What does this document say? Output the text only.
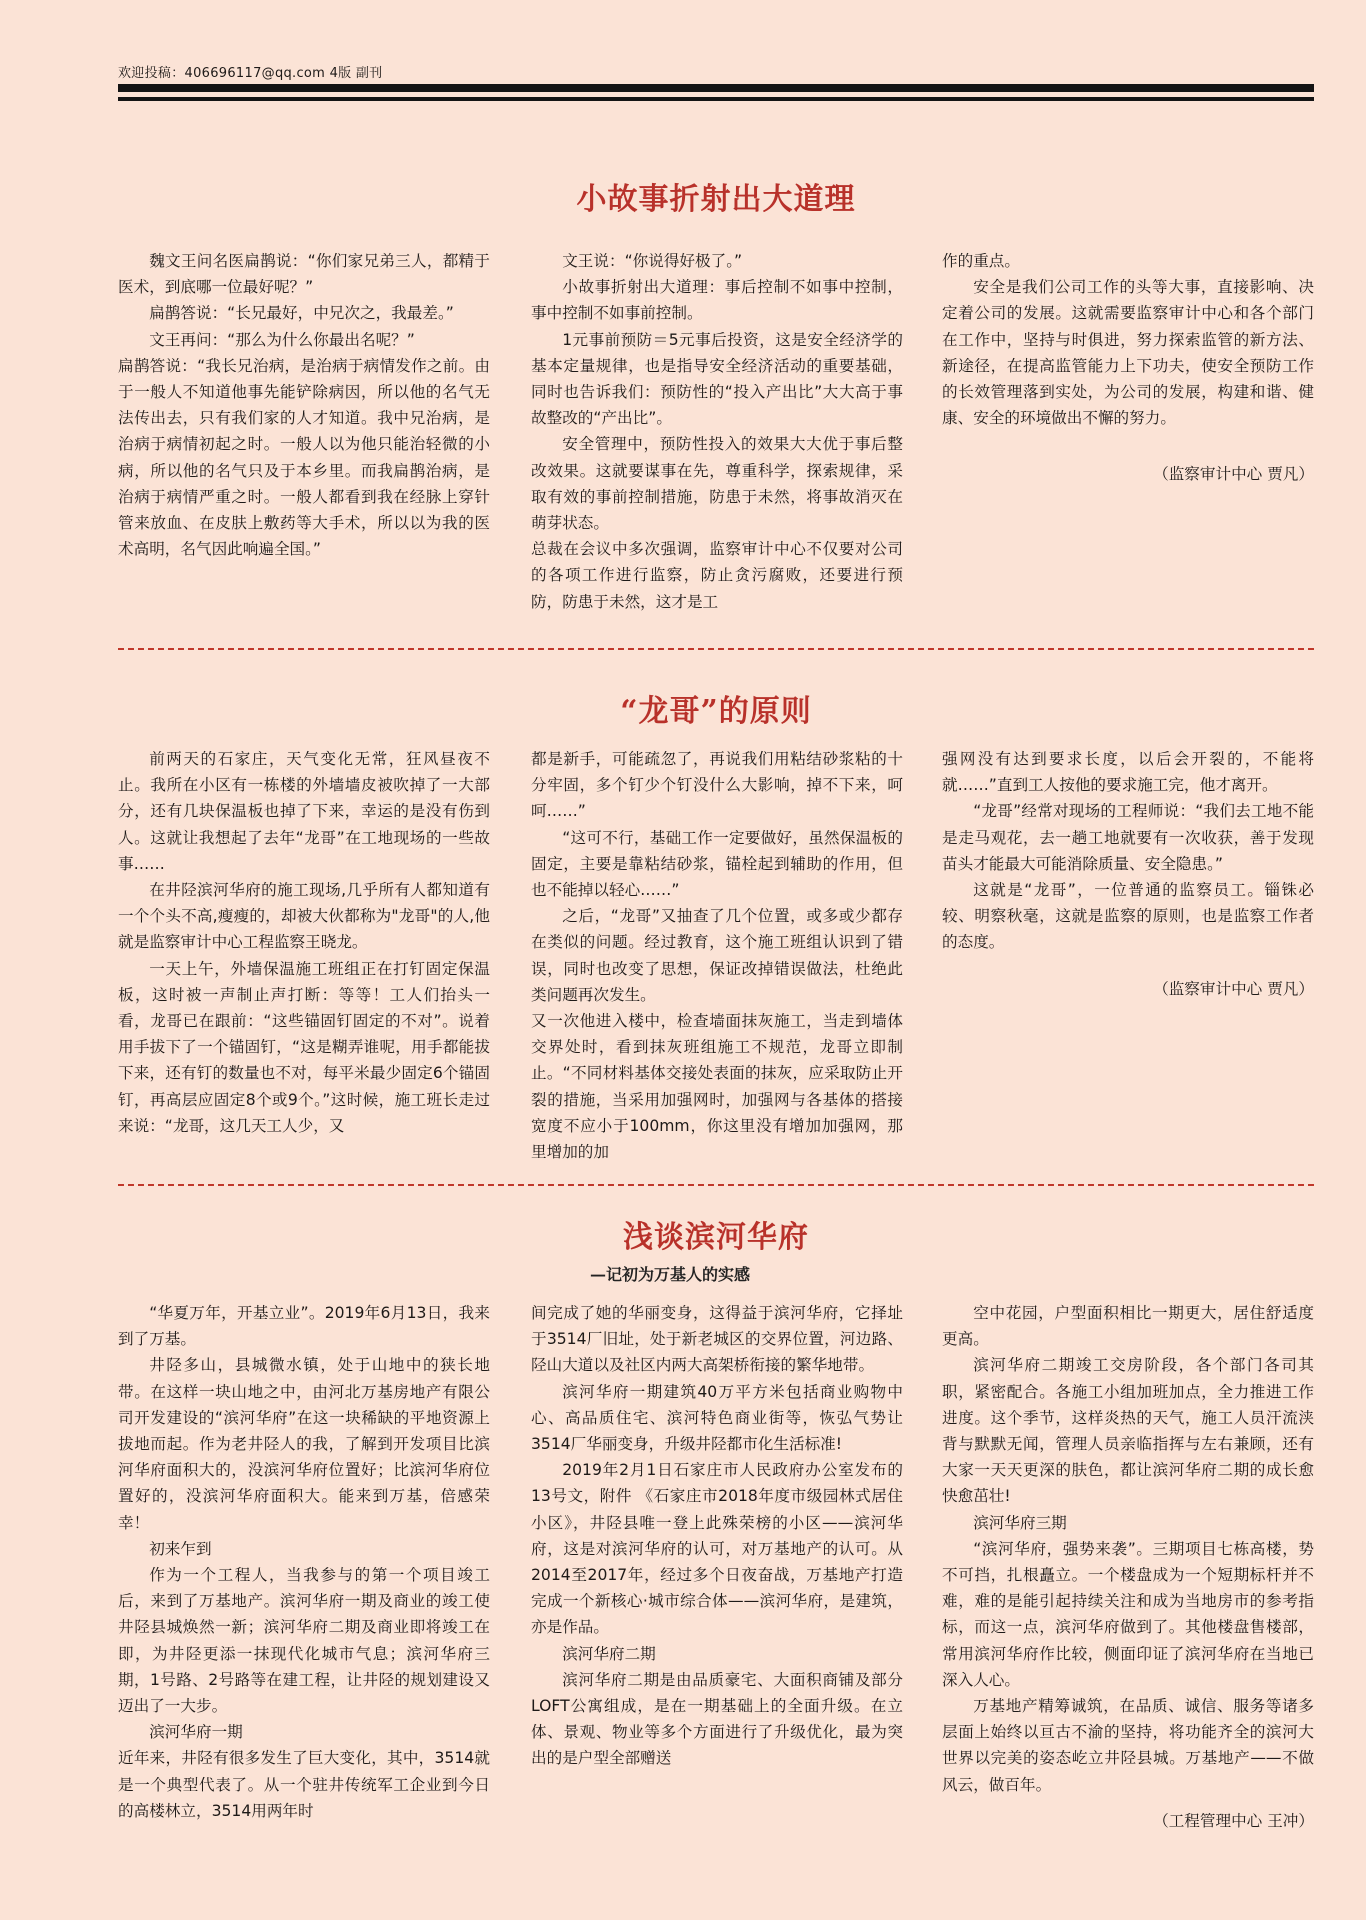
欢迎投稿：406696117@qq.com 4版 副刊
小故事折射出大道理

魏文王问名医扁鹊说：“你们家兄弟三人，都精于医术，到底哪一位最好呢？”

扁鹊答说：“长兄最好，中兄次之，我最差。”

文王再问：“那么为什么你最出名呢？”

扁鹊答说：“我长兄治病，是治病于病情发作之前。由于一般人不知道他事先能铲除病因，所以他的名气无法传出去，只有我们家的人才知道。我中兄治病，是治病于病情初起之时。一般人以为他只能治轻微的小病，所以他的名气只及于本乡里。而我扁鹊治病，是治病于病情严重之时。一般人都看到我在经脉上穿针管来放血、在皮肤上敷药等大手术，所以以为我的医术高明，名气因此响遍全国。”

文王说：“你说得好极了。”

小故事折射出大道理：事后控制不如事中控制，事中控制不如事前控制。

1元事前预防＝5元事后投资，这是安全经济学的基本定量规律，也是指导安全经济活动的重要基础，同时也告诉我们：预防性的“投入产出比”大大高于事故整改的“产出比”。

安全管理中，预防性投入的效果大大优于事后整改效果。这就要谋事在先，尊重科学，探索规律，采取有效的事前控制措施，防患于未然，将事故消灭在萌芽状态。

总裁在会议中多次强调，监察审计中心不仅要对公司的各项工作进行监察，防止贪污腐败，还要进行预防，防患于未然，这才是工

作的重点。

安全是我们公司工作的头等大事，直接影响、决定着公司的发展。这就需要监察审计中心和各个部门在工作中，坚持与时俱进，努力探索监管的新方法、新途径，在提高监管能力上下功夫，使安全预防工作的长效管理落到实处，为公司的发展，构建和谐、健康、安全的环境做出不懈的努力。

（监察审计中心 贾凡）

“龙哥”的原则

前两天的石家庄，天气变化无常，狂风昼夜不止。我所在小区有一栋楼的外墙墙皮被吹掉了一大部分，还有几块保温板也掉了下来，幸运的是没有伤到人。这就让我想起了去年“龙哥”在工地现场的一些故事……

在井陉滨河华府的施工现场,几乎所有人都知道有一个个头不高,瘦瘦的，却被大伙都称为"龙哥"的人,他就是监察审计中心工程监察王晓龙。

一天上午，外墙保温施工班组正在打钉固定保温板，这时被一声制止声打断：等等！工人们抬头一看，龙哥已在跟前：“这些锚固钉固定的不对”。说着用手拔下了一个锚固钉，“这是糊弄谁呢，用手都能拔下来，还有钉的数量也不对，每平米最少固定6个锚固钉，再高层应固定8个或9个。”这时候，施工班长走过来说：“龙哥，这几天工人少，又

都是新手，可能疏忽了，再说我们用粘结砂浆粘的十分牢固，多个钉少个钉没什么大影响，掉不下来，呵呵……”

“这可不行，基础工作一定要做好，虽然保温板的固定，主要是靠粘结砂浆，锚栓起到辅助的作用，但也不能掉以轻心……”

之后，“龙哥”又抽查了几个位置，或多或少都存在类似的问题。经过教育，这个施工班组认识到了错误，同时也改变了思想，保证改掉错误做法，杜绝此类问题再次发生。

又一次他进入楼中，检查墙面抹灰施工，当走到墙体交界处时，看到抹灰班组施工不规范，龙哥立即制止。“不同材料基体交接处表面的抹灰，应采取防止开裂的措施，当采用加强网时，加强网与各基体的搭接宽度不应小于100mm，你这里没有增加加强网，那里增加的加

强网没有达到要求长度，以后会开裂的，不能将就……”直到工人按他的要求施工完，他才离开。

“龙哥”经常对现场的工程师说：“我们去工地不能是走马观花，去一趟工地就要有一次收获，善于发现苗头才能最大可能消除质量、安全隐患。”

这就是“龙哥”，一位普通的监察员工。锱铢必较、明察秋毫，这就是监察的原则，也是监察工作者的态度。

（监察审计中心 贾凡）

浅谈滨河华府
—记初为万基人的实感

“华夏万年，开基立业”。2019年6月13日，我来到了万基。

井陉多山，县城微水镇，处于山地中的狭长地带。在这样一块山地之中，由河北万基房地产有限公司开发建设的“滨河华府”在这一块稀缺的平地资源上拔地而起。作为老井陉人的我，了解到开发项目比滨河华府面积大的，没滨河华府位置好；比滨河华府位置好的，没滨河华府面积大。能来到万基，倍感荣幸！

初来乍到

作为一个工程人，当我参与的第一个项目竣工后，来到了万基地产。滨河华府一期及商业的竣工使井陉县城焕然一新；滨河华府二期及商业即将竣工在即，为井陉更添一抹现代化城市气息；滨河华府三期，1号路、2号路等在建工程，让井陉的规划建设又迈出了一大步。

滨河华府一期

近年来，井陉有很多发生了巨大变化，其中，3514就是一个典型代表了。从一个驻井传统军工企业到今日的高楼林立，3514用两年时

间完成了她的华丽变身，这得益于滨河华府，它择址于3514厂旧址，处于新老城区的交界位置，河边路、陉山大道以及社区内两大高架桥衔接的繁华地带。

滨河华府一期建筑40万平方米包括商业购物中心、高品质住宅、滨河特色商业街等，恢弘气势让3514厂华丽变身，升级井陉都市化生活标准!

2019年2月1日石家庄市人民政府办公室发布的13号文，附件 《石家庄市2018年度市级园林式居住小区》，井陉县唯一登上此殊荣榜的小区——滨河华府，这是对滨河华府的认可，对万基地产的认可。从2014至2017年，经过多个日夜奋战，万基地产打造完成一个新核心·城市综合体——滨河华府，是建筑，亦是作品。

滨河华府二期

滨河华府二期是由品质豪宅、大面积商铺及部分LOFT公寓组成，是在一期基础上的全面升级。在立体、景观、物业等多个方面进行了升级优化，最为突出的是户型全部赠送

空中花园，户型面积相比一期更大，居住舒适度更高。

滨河华府二期竣工交房阶段，各个部门各司其职，紧密配合。各施工小组加班加点，全力推进工作进度。这个季节，这样炎热的天气，施工人员汗流浃背与默默无闻，管理人员亲临指挥与左右兼顾，还有大家一天天更深的肤色，都让滨河华府二期的成长愈快愈茁壮!

滨河华府三期

“滨河华府，强势来袭”。三期项目七栋高楼，势不可挡，扎根矗立。一个楼盘成为一个短期标杆并不难，难的是能引起持续关注和成为当地房市的参考指标，而这一点，滨河华府做到了。其他楼盘售楼部，常用滨河华府作比较，侧面印证了滨河华府在当地已深入人心。

万基地产精筹诚筑，在品质、诚信、服务等诸多层面上始终以亘古不渝的坚持，将功能齐全的滨河大世界以完美的姿态屹立井陉县城。万基地产——不做风云，做百年。

（工程管理中心 王冲）
